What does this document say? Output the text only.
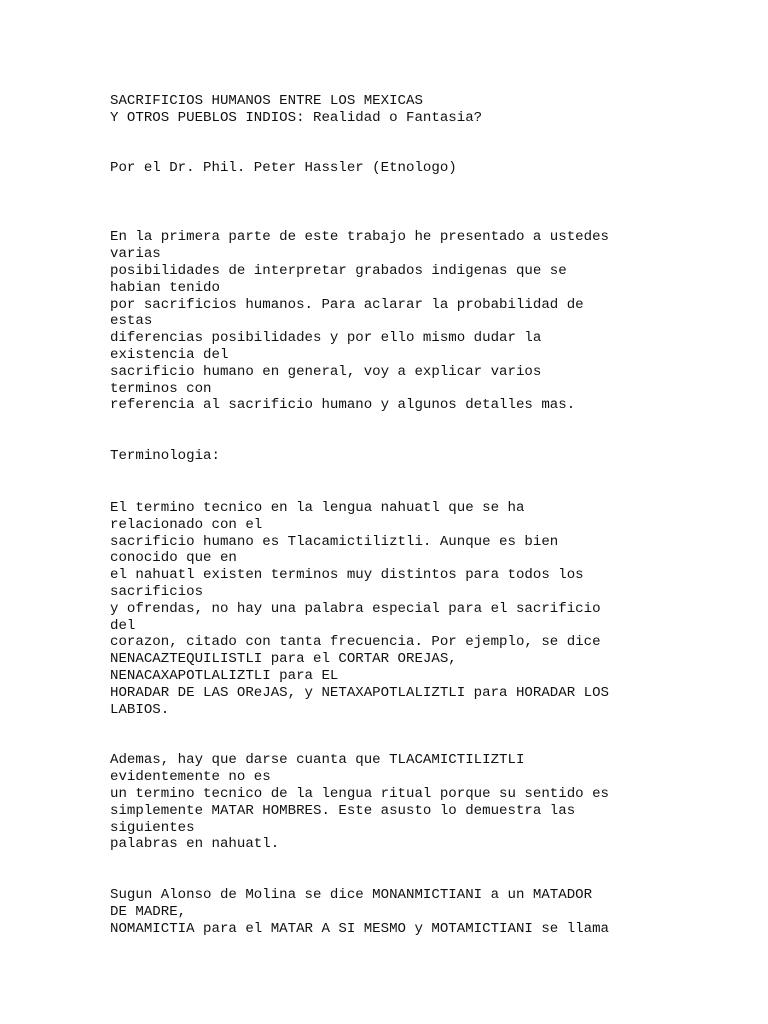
SACRIFICIOS HUMANOS ENTRE LOS MEXICAS
Y OTROS PUEBLOS INDIOS: Realidad o Fantasia?
Por el Dr. Phil. Peter Hassler (Etnologo)
En la primera parte de este trabajo he presentado a ustedes
varias
posibilidades de interpretar grabados indigenas que se
habian tenido
por sacrificios humanos. Para aclarar la probabilidad de
estas
diferencias posibilidades y por ello mismo dudar la
existencia del
sacrificio humano en general, voy a explicar varios
terminos con
referencia al sacrificio humano y algunos detalles mas.
Terminologia:
El termino tecnico en la lengua nahuatl que se ha
relacionado con el
sacrificio humano es Tlacamictiliztli. Aunque es bien
conocido que en
el nahuatl existen terminos muy distintos para todos los
sacrificios
y ofrendas, no hay una palabra especial para el sacrificio
del
corazon, citado con tanta frecuencia. Por ejemplo, se dice
NENACAZTEQUILISTLI para el CORTAR OREJAS,
NENACAXAPOTLALIZTLI para EL
HORADAR DE LAS OReJAS, y NETAXAPOTLALIZTLI para HORADAR LOS
LABIOS.
Ademas, hay que darse cuanta que TLACAMICTILIZTLI
evidentemente no es
un termino tecnico de la lengua ritual porque su sentido es
simplemente MATAR HOMBRES. Este asusto lo demuestra las
siguientes
palabras en nahuatl.
Sugun Alonso de Molina se dice MONANMICTIANI a un MATADOR
DE MADRE,
NOMAMICTIA para el MATAR A SI MESMO y MOTAMICTIANI se llama
